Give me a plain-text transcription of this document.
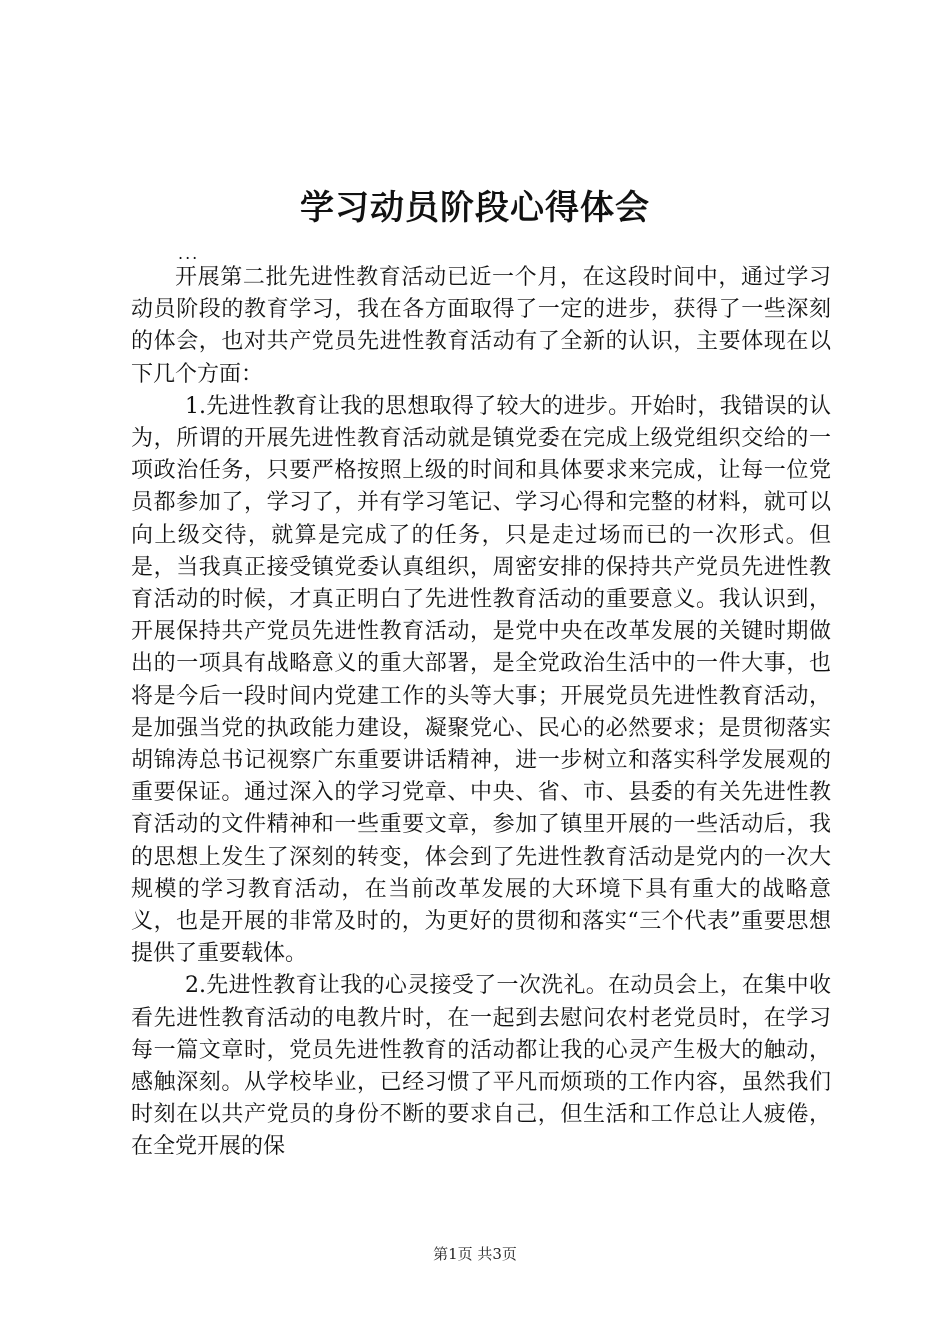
学习动员阶段心得体会
...

开展第二批先进性教育活动已近一个月，在这段时间中，通过学习动员阶段的教育学习，我在各方面取得了一定的进步，获得了一些深刻的体会，也对共产党员先进性教育活动有了全新的认识，主要体现在以下几个方面：

1.先进性教育让我的思想取得了较大的进步。开始时，我错误的认为，所谓的开展先进性教育活动就是镇党委在完成上级党组织交给的一项政治任务，只要严格按照上级的时间和具体要求来完成，让每一位党员都参加了，学习了，并有学习笔记、学习心得和完整的材料，就可以向上级交待，就算是完成了的任务，只是走过场而已的一次形式。但是，当我真正接受镇党委认真组织，周密安排的保持共产党员先进性教育活动的时候，才真正明白了先进性教育活动的重要意义。我认识到，开展保持共产党员先进性教育活动，是党中央在改革发展的关键时期做出的一项具有战略意义的重大部署，是全党政治生活中的一件大事，也将是今后一段时间内党建工作的头等大事；开展党员先进性教育活动，是加强当党的执政能力建设，凝聚党心、民心的必然要求；是贯彻落实胡锦涛总书记视察广东重要讲话精神，进一步树立和落实科学发展观的重要保证。通过深入的学习党章、中央、省、市、县委的有关先进性教育活动的文件精神和一些重要文章，参加了镇里开展的一些活动后，我的思想上发生了深刻的转变，体会到了先进性教育活动是党内的一次大规模的学习教育活动，在当前改革发展的大环境下具有重大的战略意义，也是开展的非常及时的，为更好的贯彻和落实“三个代表”重要思想提供了重要载体。

2.先进性教育让我的心灵接受了一次洗礼。在动员会上，在集中收看先进性教育活动的电教片时，在一起到去慰问农村老党员时，在学习每一篇文章时，党员先进性教育的活动都让我的心灵产生极大的触动，感触深刻。从学校毕业，已经习惯了平凡而烦琐的工作内容，虽然我们时刻在以共产党员的身份不断的要求自己，但生活和工作总让人疲倦，在全党开展的保

第1页 共3页
